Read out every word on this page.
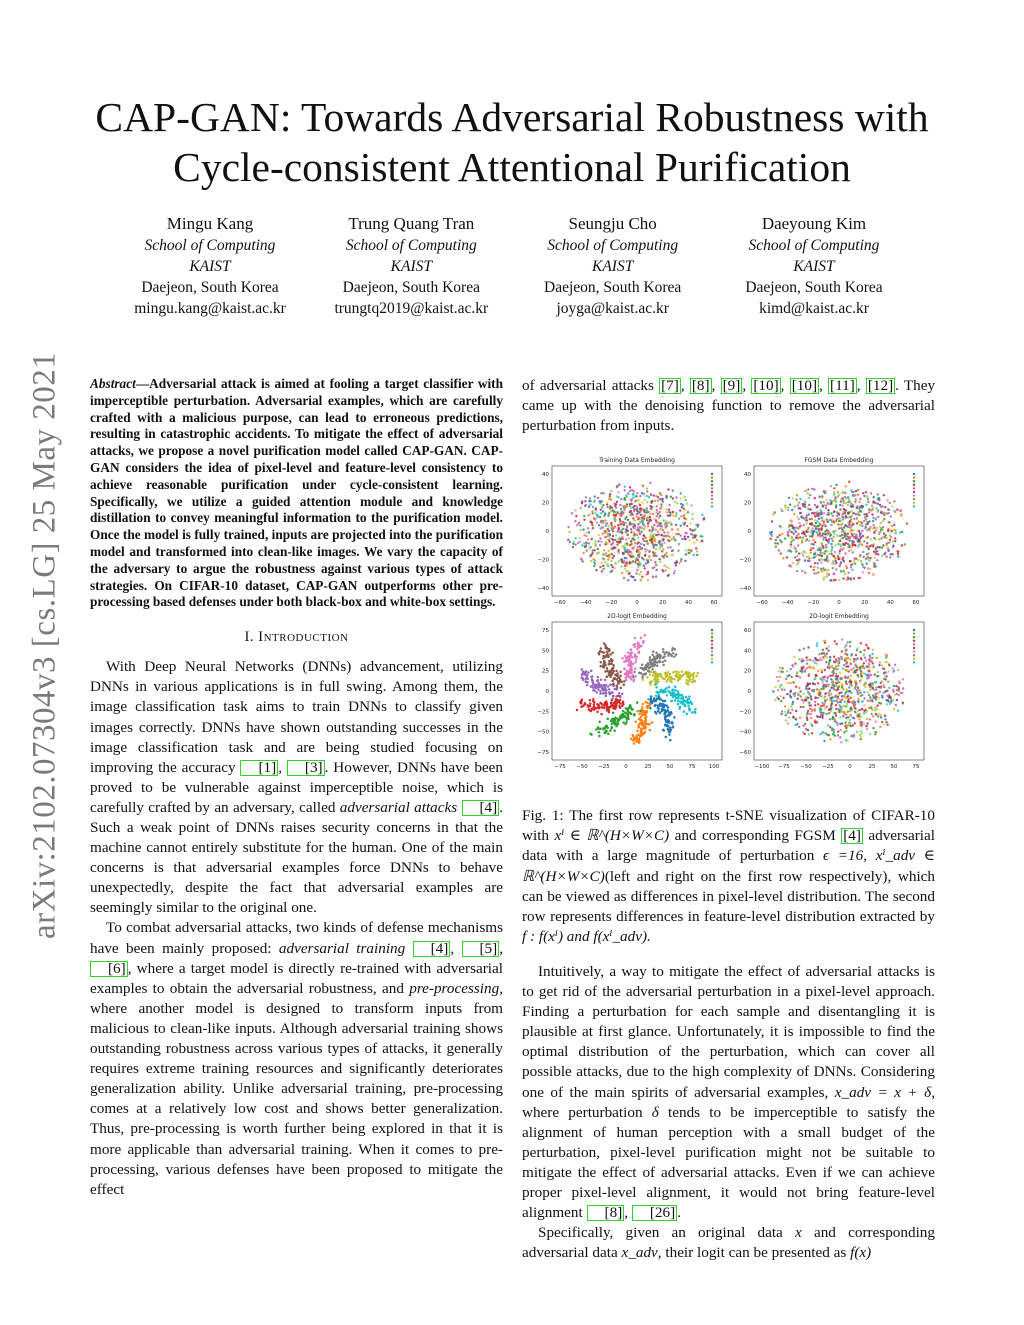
arXiv:2102.07304v3 [cs.LG] 25 May 2021
CAP-GAN: Towards Adversarial Robustness with
Cycle-consistent Attentional Purification
Mingu Kang
School of Computing
KAIST
Daejeon, South Korea
mingu.kang@kaist.ac.kr
Trung Quang Tran
School of Computing
KAIST
Daejeon, South Korea
trungtq2019@kaist.ac.kr
Seungju Cho
School of Computing
KAIST
Daejeon, South Korea
joyga@kaist.ac.kr
Daeyoung Kim
School of Computing
KAIST
Daejeon, South Korea
kimd@kaist.ac.kr

Abstract—Adversarial attack is aimed at fooling a target classifier with imperceptible perturbation. Adversarial examples, which are carefully crafted with a malicious purpose, can lead to erroneous predictions, resulting in catastrophic accidents. To mitigate the effect of adversarial attacks, we propose a novel purification model called CAP-GAN. CAP-GAN considers the idea of pixel-level and feature-level consistency to achieve reasonable purification under cycle-consistent learning. Specifically, we utilize a guided attention module and knowledge distillation to convey meaningful information to the purification model. Once the model is fully trained, inputs are projected into the purification model and transformed into clean-like images. We vary the capacity of the adversary to argue the robustness against various types of attack strategies. On CIFAR-10 dataset, CAP-GAN outperforms other pre-processing based defenses under both black-box and white-box settings.

I. Introduction

With Deep Neural Networks (DNNs) advancement, utilizing DNNs in various applications is in full swing. Among them, the image classification task aims to train DNNs to classify given images correctly. DNNs have shown outstanding successes in the image classification task and are being studied focusing on improving the accuracy [1] , [3] . However, DNNs have been proved to be vulnerable against imperceptible noise, which is carefully crafted by an adversary, called adversarial attacks [4] . Such a weak point of DNNs raises security concerns in that the machine cannot entirely substitute for the human. One of the main concerns is that adversarial examples force DNNs to behave unexpectedly, despite the fact that adversarial examples are seemingly similar to the original one.

To combat adversarial attacks, two kinds of defense mechanisms have been mainly proposed: adversarial training [4] , [5] , [6] , where a target model is directly re-trained with adversarial examples to obtain the adversarial robustness, and pre-processing, where another model is designed to transform inputs from malicious to clean-like inputs. Although adversarial training shows outstanding robustness across various types of attacks, it generally requires extreme training resources and significantly deteriorates generalization ability. Unlike adversarial training, pre-processing comes at a relatively low cost and shows better generalization. Thus, pre-processing is worth further being explored in that it is more applicable than adversarial training. When it comes to pre-processing, various defenses have been proposed to mitigate the effect

of adversarial attacks [7] , [8] , [9] , [10] , [10] , [11] , [12] . They came up with the denoising function to remove the adversarial perturbation from inputs.

Training Data Embedding
40
20
0
−20
−40
−60	−40	−20	0	20	40	60
FGSM Data Embedding
40
20
0
−20
−40
−60	−40	−20	0	20	40	60
2D-logit Embedding
75
50
25
0
−25
−50
−75
−75 −50 −25	0	25	50	75 100
2D-logit Embedding
60
40
20
0
−20
−40
−60
−100 −75 −50 −25	0	25	50	75

Fig. 1: The first row represents t-SNE visualization of CIFAR-10 with xⁱ ∈ ℝ^(H×W×C) and corresponding FGSM [4] adversarial data with a large magnitude of perturbation ϵ =16, xⁱ_adv ∈ ℝ^(H×W×C)(left and right on the first row respectively), which can be viewed as differences in pixel-level distribution. The second row represents differences in feature-level distribution extracted by f : f(xⁱ) and f(xⁱ_adv).

Intuitively, a way to mitigate the effect of adversarial attacks is to get rid of the adversarial perturbation in a pixel-level approach. Finding a perturbation for each sample and disentangling it is plausible at first glance. Unfortunately, it is impossible to find the optimal distribution of the perturbation, which can cover all possible attacks, due to the high complexity of DNNs. Considering one of the main spirits of adversarial examples, x_adv = x + δ, where perturbation δ tends to be imperceptible to satisfy the alignment of human perception with a small budget of the perturbation, pixel-level purification might not be suitable to mitigate the effect of adversarial attacks. Even if we can achieve proper pixel-level alignment, it would not bring feature-level alignment [8] , [26] .

Specifically, given an original data x and corresponding adversarial data x_adv, their logit can be presented as f(x)
